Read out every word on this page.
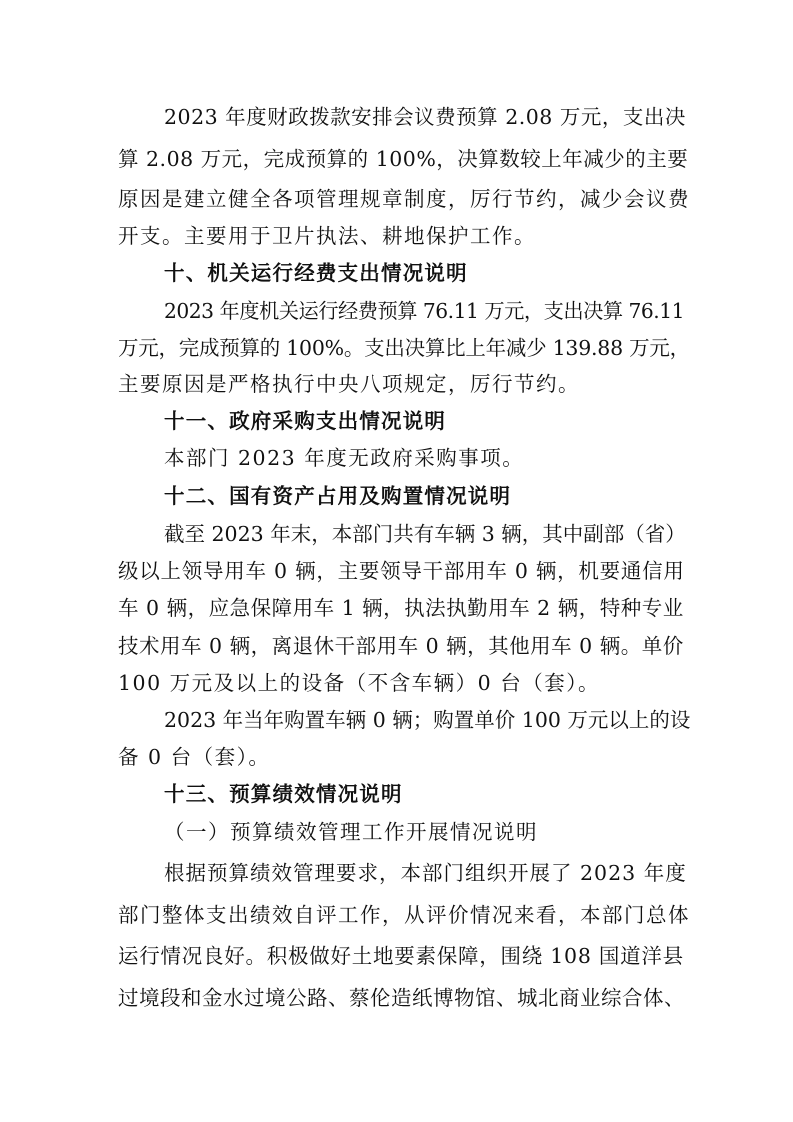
2023 年度财政拨款安排会议费预算 2.08 万元，支出决
算 2.08 万元，完成预算的 100%，决算数较上年减少的主要
原因是建立健全各项管理规章制度，厉行节约，减少会议费
开支。主要用于卫片执法、耕地保护工作。
十、机关运行经费支出情况说明
2023 年度机关运行经费预算 76.11 万元，支出决算 76.11
万元，完成预算的 100%。支出决算比上年减少 139.88 万元，
主要原因是严格执行中央八项规定，厉行节约。
十一、政府采购支出情况说明
本部门 2023 年度无政府采购事项。
十二、国有资产占用及购置情况说明
截至 2023 年末，本部门共有车辆 3 辆，其中副部（省）
级以上领导用车 0 辆，主要领导干部用车 0 辆，机要通信用
车 0 辆，应急保障用车 1 辆，执法执勤用车 2 辆，特种专业
技术用车 0 辆，离退休干部用车 0 辆，其他用车 0 辆。单价
100 万元及以上的设备（不含车辆）0 台（套）。
2023 年当年购置车辆 0 辆；购置单价 100 万元以上的设
备 0 台（套）。
十三、预算绩效情况说明
（一）预算绩效管理工作开展情况说明
根据预算绩效管理要求，本部门组织开展了 2023 年度
部门整体支出绩效自评工作，从评价情况来看，本部门总体
运行情况良好。积极做好土地要素保障，围绕 108 国道洋县
过境段和金水过境公路、蔡伦造纸博物馆、城北商业综合体、
